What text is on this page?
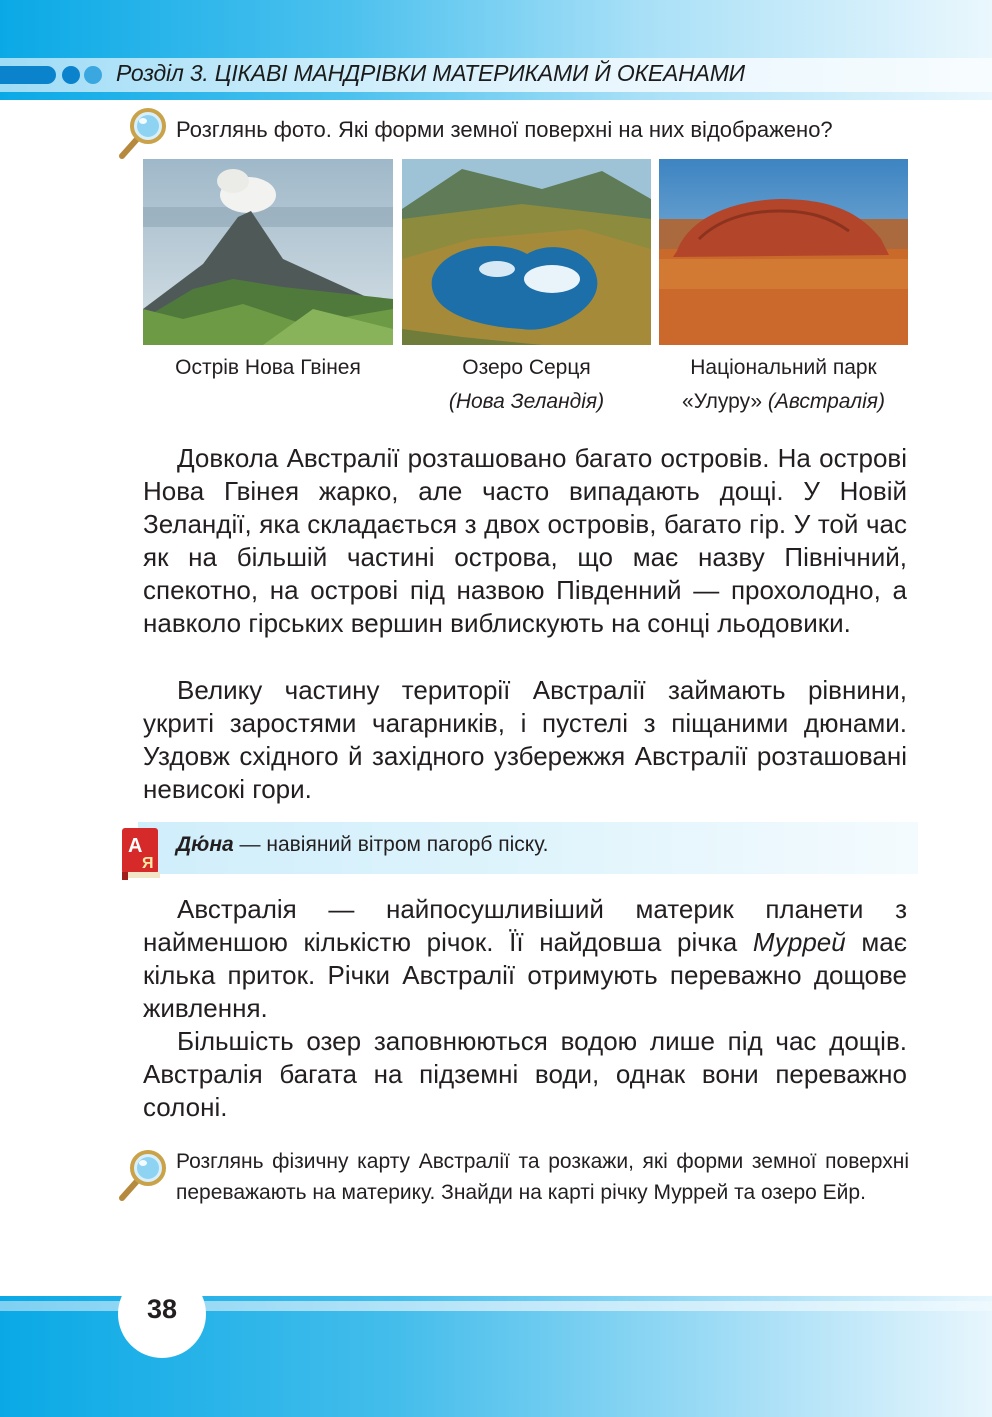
Розділ 3. ЦІКАВІ МАНДРІВКИ МАТЕРИКАМИ Й ОКЕАНАМИ
Розглянь фото. Які форми земної поверхні на них відображено?
Острів Нова Гвінея	Озеро Серця
(Нова Зеландія)
Національний парк
«Улуру» (Австралія)

Довкола Австралії розташовано багато островів. На острові Нова Гвінея жарко, але часто випадають дощі. У Новій Зеландії, яка складається з двох островів, багато гір. У той час як на більшій частині острова, що має назву Північний, спекотно, на острові під назвою Південний — прохолодно, а навколо гірських вершин виблискують на сонці льодовики.

Велику частину території Австралії займають рівнини, укриті заростями чагарників, і пустелі з піщаними дюнами. Уздовж східного й західного узбережжя Австралії розташовані невисокі гори.

А
Я
Дю́на — навіяний вітром пагорб піску.

Австралія — найпосушливіший материк планети з найменшою кількістю річок. Її найдовша річка Муррей має кілька приток. Річки Австралії отримують переважно дощове живлення.

Більшість озер заповнюються водою лише під час дощів. Австралія багата на підземні води, однак вони переважно солоні.

Розглянь фізичну карту Австралії та розкажи, які форми земної поверхні переважають на материку. Знайди на карті річку Муррей та озеро Ейр.
38
